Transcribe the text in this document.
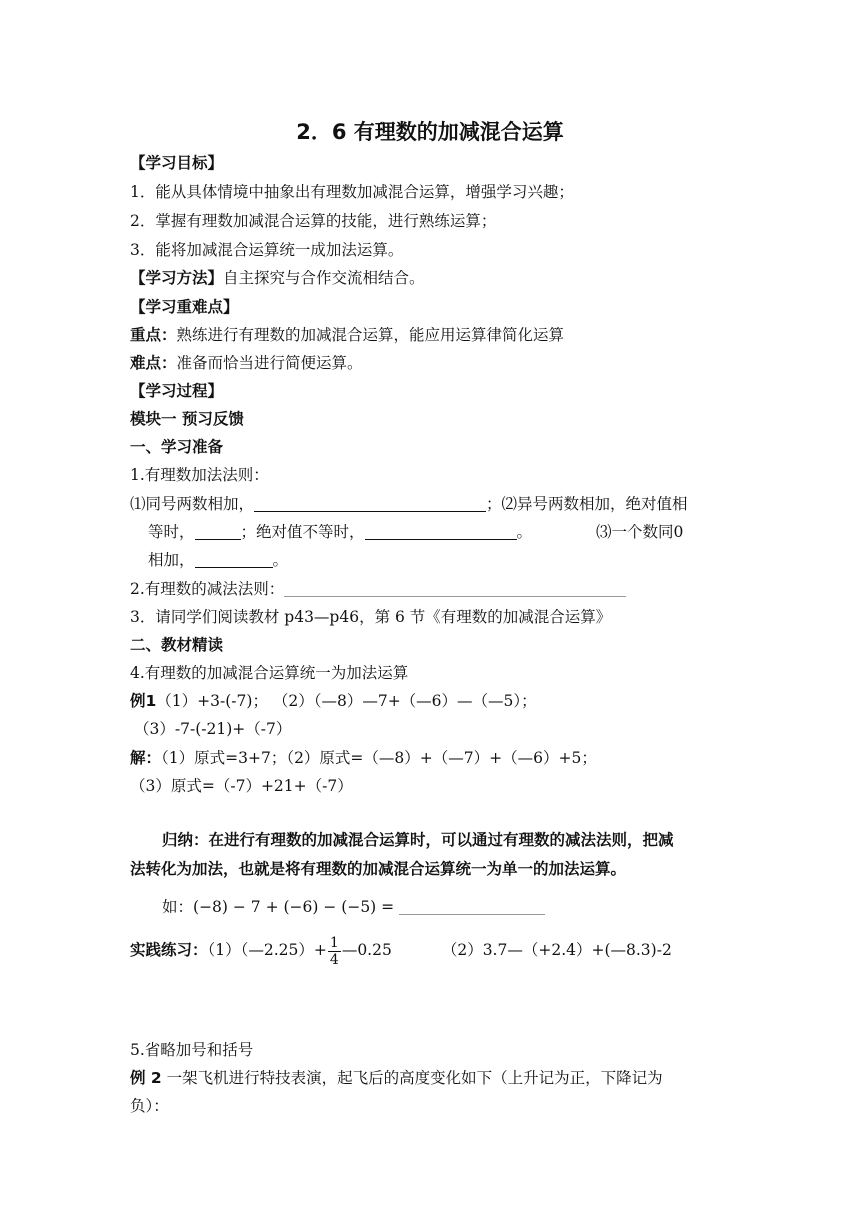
2．6 有理数的加减混合运算
【学习目标】
1．能从具体情境中抽象出有理数加减混合运算，增强学习兴趣；
2．掌握有理数加减混合运算的技能，进行熟练运算；
3．能将加减混合运算统一成加法运算。
【学习方法】自主探究与合作交流相结合。
【学习重难点】
重点：熟练进行有理数的加减混合运算，能应用运算律简化运算
难点：准备而恰当进行简便运算。
【学习过程】
模块一 预习反馈
一、学习准备
1.有理数加法法则：
⑴同号两数相加，	；⑵异号两数相加，绝对值相
等时，	；绝对值不等时，	。	⑶一个数同0
相加，	。
2.有理数的减法法则：
3．请同学们阅读教材 p43—p46，第 6 节《有理数的加减混合运算》
二、教材精读
4.有理数的加减混合运算统一为加法运算
例1（1）+3-(-7)； （2）（—8）—7+（—6）—（—5）；
（3）-7-(-21)+（-7）
解：（1）原式=3+7；（2）原式=（—8）+（—7）+（—6）+5；
（3）原式=（-7）+21+（-7）
归纳：在进行有理数的加减混合运算时，可以通过有理数的减法法则，把减
法转化为加法，也就是将有理数的加减混合运算统一为单一的加法运算。
如：(−8) − 7 + (−6) − (−5) =
实践练习：（1）（—2.25）+ $\frac{1}{4}$ —0.25	（2）3.7—（+2.4）+(—8.3)-2
5.省略加号和括号
例 2 一架飞机进行特技表演，起飞后的高度变化如下（上升记为正，下降记为
负）：
